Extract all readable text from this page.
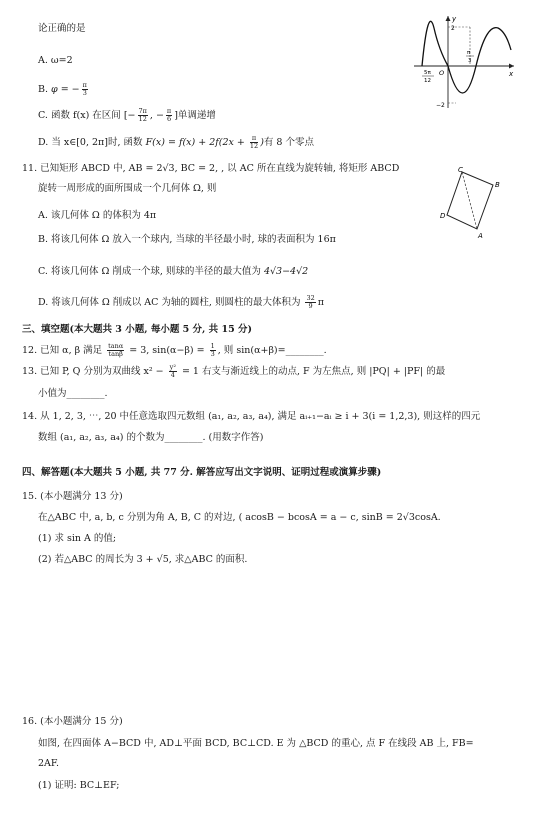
论正确的是
A. ω=2
B. φ = − $\frac{\pi}{3}$
C. 函数 f(x) 在区间 [− $\frac{7\pi}{12}$ , − $\frac{\pi}{6}$ ]单调递增
D. 当 x∈[0, 2π]时, 函数 $F(x) = f(x) + 2f(2x + \frac{\pi}{12}$ )有 8 个零点
y
x
O
2
−2
π
3
5π
12
11. 已知矩形 ABCD 中, AB = 2√3, BC = 2, , 以 AC 所在直线为旋转轴, 将矩形 ABCD
旋转一周形成的面所围成一个几何体 Ω, 则
A. 该几何体 Ω 的体积为 4π
B. 将该几何体 Ω 放入一个球内, 当球的半径最小时, 球的表面积为 16π
C. 将该几何体 Ω 削成一个球, 则球的半径的最大值为 4√3−4√2
D. 将该几何体 Ω 削成以 AC 为轴的圆柱, 则圆柱的最大体积为 $\frac{32}{9}$ π
C
B
A
D
三、填空题(本大题共 3 小题, 每小题 5 分, 共 15 分)
12. 已知 α, β 满足 $\frac{\tan\alpha}{\tan\beta} = 3$, $\sin(\alpha-\beta) = \frac{1}{3}$ , 则 sin(α+β)=________.
13. 已知 P, Q 分别为双曲线 $x^2 - \frac{\text{y²}}{4} = 1$ 右支与渐近线上的动点, F 为左焦点, 则 |PQ| + |PF| 的最
小值为________.
14. 从 1, 2, 3, ⋯, 20 中任意选取四元数组 (a₁, a₂, a₃, a₄), 满足 aᵢ₊₁−aᵢ ≥ i + 3(i = 1,2,3), 则这样的四元
数组 (a₁, a₂, a₃, a₄) 的个数为________. (用数字作答)
四、解答题(本大题共 5 小题, 共 77 分. 解答应写出文字说明、证明过程或演算步骤)
15. (本小题满分 13 分)
在△ABC 中, a, b, c 分别为角 A, B, C 的对边, ( acosB − bcosA = a − c, sinB = 2√3cosA.
(1) 求 sin A 的值;
(2) 若△ABC 的周长为 3 + √5, 求△ABC 的面积.
16. (本小题满分 15 分)
如图, 在四面体 A−BCD 中, AD⊥平面 BCD, BC⊥CD. E 为 △BCD 的重心, 点 F 在线段 AB 上, FB=
2AF.
(1) 证明: BC⊥EF;
